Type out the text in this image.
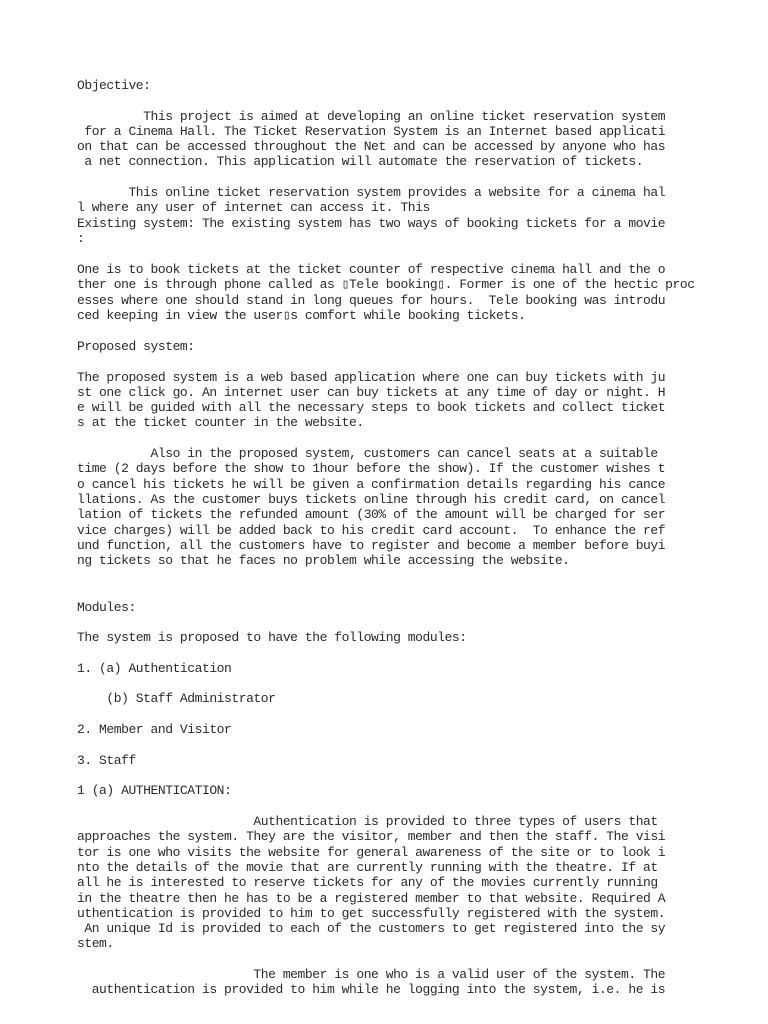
Objective:
This project is aimed at developing an online ticket reservation system
for a Cinema Hall. The Ticket Reservation System is an Internet based applicati
on that can be accessed throughout the Net and can be accessed by anyone who has
a net connection. This application will automate the reservation of tickets.
This online ticket reservation system provides a website for a cinema hal
l where any user of internet can access it. This
Existing system: The existing system has two ways of booking tickets for a movie
:
One is to book tickets at the ticket counter of respective cinema hall and the o
ther one is through phone called as ▯Tele booking▯. Former is one of the hectic proc
esses where one should stand in long queues for hours.  Tele booking was introdu
ced keeping in view the user▯s comfort while booking tickets.
Proposed system:
The proposed system is a web based application where one can buy tickets with ju
st one click go. An internet user can buy tickets at any time of day or night. H
e will be guided with all the necessary steps to book tickets and collect ticket
s at the ticket counter in the website.
Also in the proposed system, customers can cancel seats at a suitable
time (2 days before the show to 1hour before the show). If the customer wishes t
o cancel his tickets he will be given a confirmation details regarding his cance
llations. As the customer buys tickets online through his credit card, on cancel
lation of tickets the refunded amount (30% of the amount will be charged for ser
vice charges) will be added back to his credit card account.  To enhance the ref
und function, all the customers have to register and become a member before buyi
ng tickets so that he faces no problem while accessing the website.
Modules:
The system is proposed to have the following modules:
1. (a) Authentication
(b) Staff Administrator
2. Member and Visitor
3. Staff
1 (a) AUTHENTICATION:
Authentication is provided to three types of users that
approaches the system. They are the visitor, member and then the staff. The visi
tor is one who visits the website for general awareness of the site or to look i
nto the details of the movie that are currently running with the theatre. If at
all he is interested to reserve tickets for any of the movies currently running
in the theatre then he has to be a registered member to that website. Required A
uthentication is provided to him to get successfully registered with the system.
An unique Id is provided to each of the customers to get registered into the sy
stem.
The member is one who is a valid user of the system. The
authentication is provided to him while he logging into the system, i.e. he is
